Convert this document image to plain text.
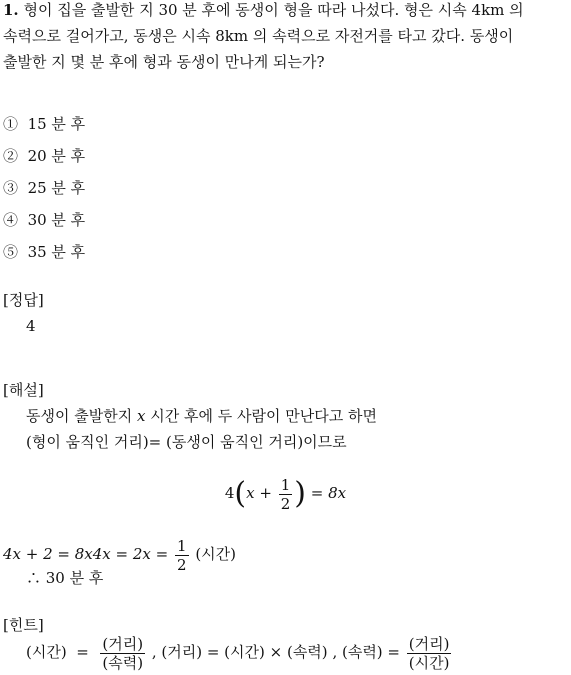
1. 형이 집을 출발한 지 30 분 후에 동생이 형을 따라 나섰다. 형은 시속 4km 의
속력으로 걸어가고, 동생은 시속 8km 의 속력으로 자전거를 타고 갔다. 동생이
출발한 지 몇 분 후에 형과 동생이 만나게 되는가?
① 15 분 후
② 20 분 후
③ 25 분 후
④ 30 분 후
⑤ 35 분 후
[정답]
4
[해설]
동생이 출발한지 x 시간 후에 두 사람이 만난다고 하면
(형이 움직인 거리)= (동생이 움직인 거리)이므로
$4(x + \frac{1}{2}$ ) = 8x
$4x + 2 = 8x4x = 2x = \frac{1}{2}$ (시간)
∴ 30 분 후
[힌트]
(시간) = $\frac{\text{(거리)}}{\text{(속력)}}$ , (거리) = (시간) × (속력) , (속력) = $\frac{\text{(거리)}}{\text{(시간)}}$
